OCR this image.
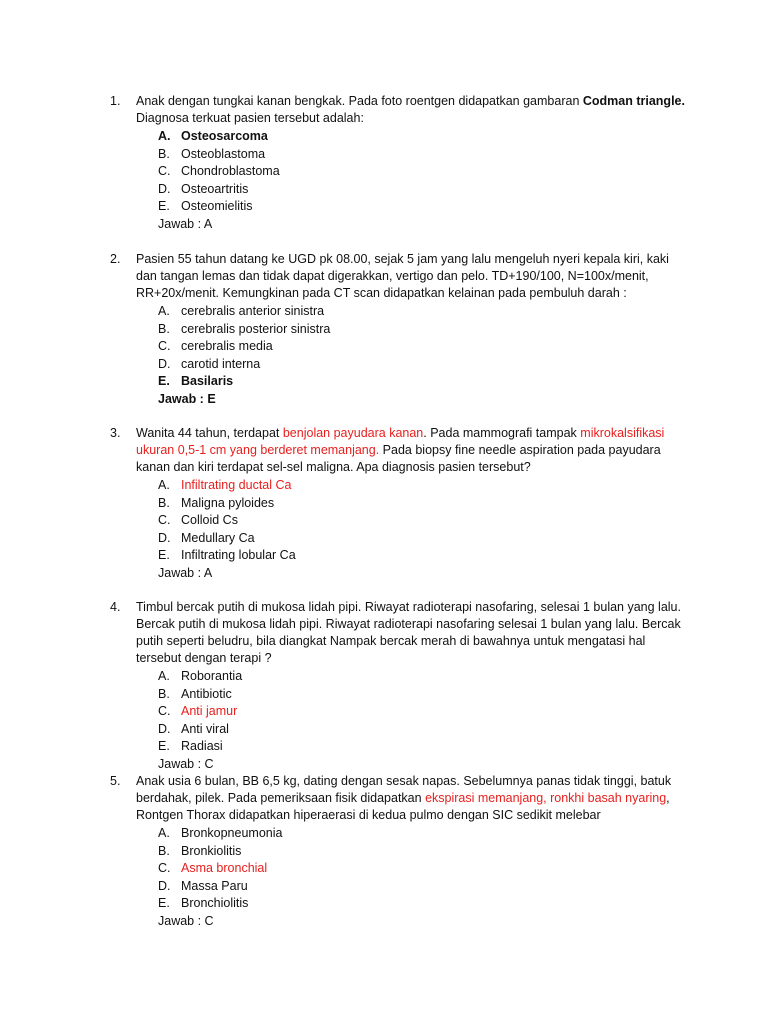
1.	Anak dengan tungkai kanan bengkak. Pada foto roentgen didapatkan gambaran Codman triangle.
Diagnosa terkuat pasien tersebut adalah:
A. Osteosarcoma
B. Osteoblastoma
C. Chondroblastoma
D. Osteoartritis
E. Osteomielitis
Jawab : A
2.	Pasien 55 tahun datang ke UGD pk 08.00, sejak 5 jam yang lalu mengeluh nyeri kepala kiri, kaki dan tangan lemas dan tidak dapat digerakkan, vertigo dan pelo. TD+190/100, N=100x/menit, RR+20x/menit. Kemungkinan pada CT scan didapatkan kelainan pada pembuluh darah :
A. cerebralis anterior sinistra
B. cerebralis posterior sinistra
C. cerebralis media
D. carotid interna
E. Basilaris
Jawab : E
3.	Wanita 44 tahun, terdapat benjolan payudara kanan. Pada mammografi tampak mikrokalsifikasi ukuran 0,5-1 cm yang berderet memanjang. Pada biopsy fine needle aspiration pada payudara kanan dan kiri terdapat sel-sel maligna. Apa diagnosis pasien tersebut?
A. Infiltrating ductal Ca
B. Maligna pyloides
C. Colloid Cs
D. Medullary Ca
E. Infiltrating lobular Ca
Jawab : A
4.	Timbul bercak putih di mukosa lidah pipi. Riwayat radioterapi nasofaring, selesai 1 bulan yang lalu. Bercak putih di mukosa lidah pipi. Riwayat radioterapi nasofaring selesai 1 bulan yang lalu. Bercak putih seperti beludru, bila diangkat Nampak bercak merah di bawahnya untuk mengatasi hal tersebut dengan terapi ?
A. Roborantia
B. Antibiotic
C. Anti jamur
D. Anti viral
E. Radiasi
Jawab : C
5.	Anak usia 6 bulan, BB 6,5 kg, dating dengan sesak napas. Sebelumnya panas tidak tinggi, batuk berdahak, pilek. Pada pemeriksaan fisik didapatkan ekspirasi memanjang, ronkhi basah nyaring, Rontgen Thorax didapatkan hiperaerasi di kedua pulmo dengan SIC sedikit melebar
A. Bronkopneumonia
B. Bronkiolitis
C. Asma bronchial
D. Massa Paru
E. Bronchiolitis
Jawab : C
